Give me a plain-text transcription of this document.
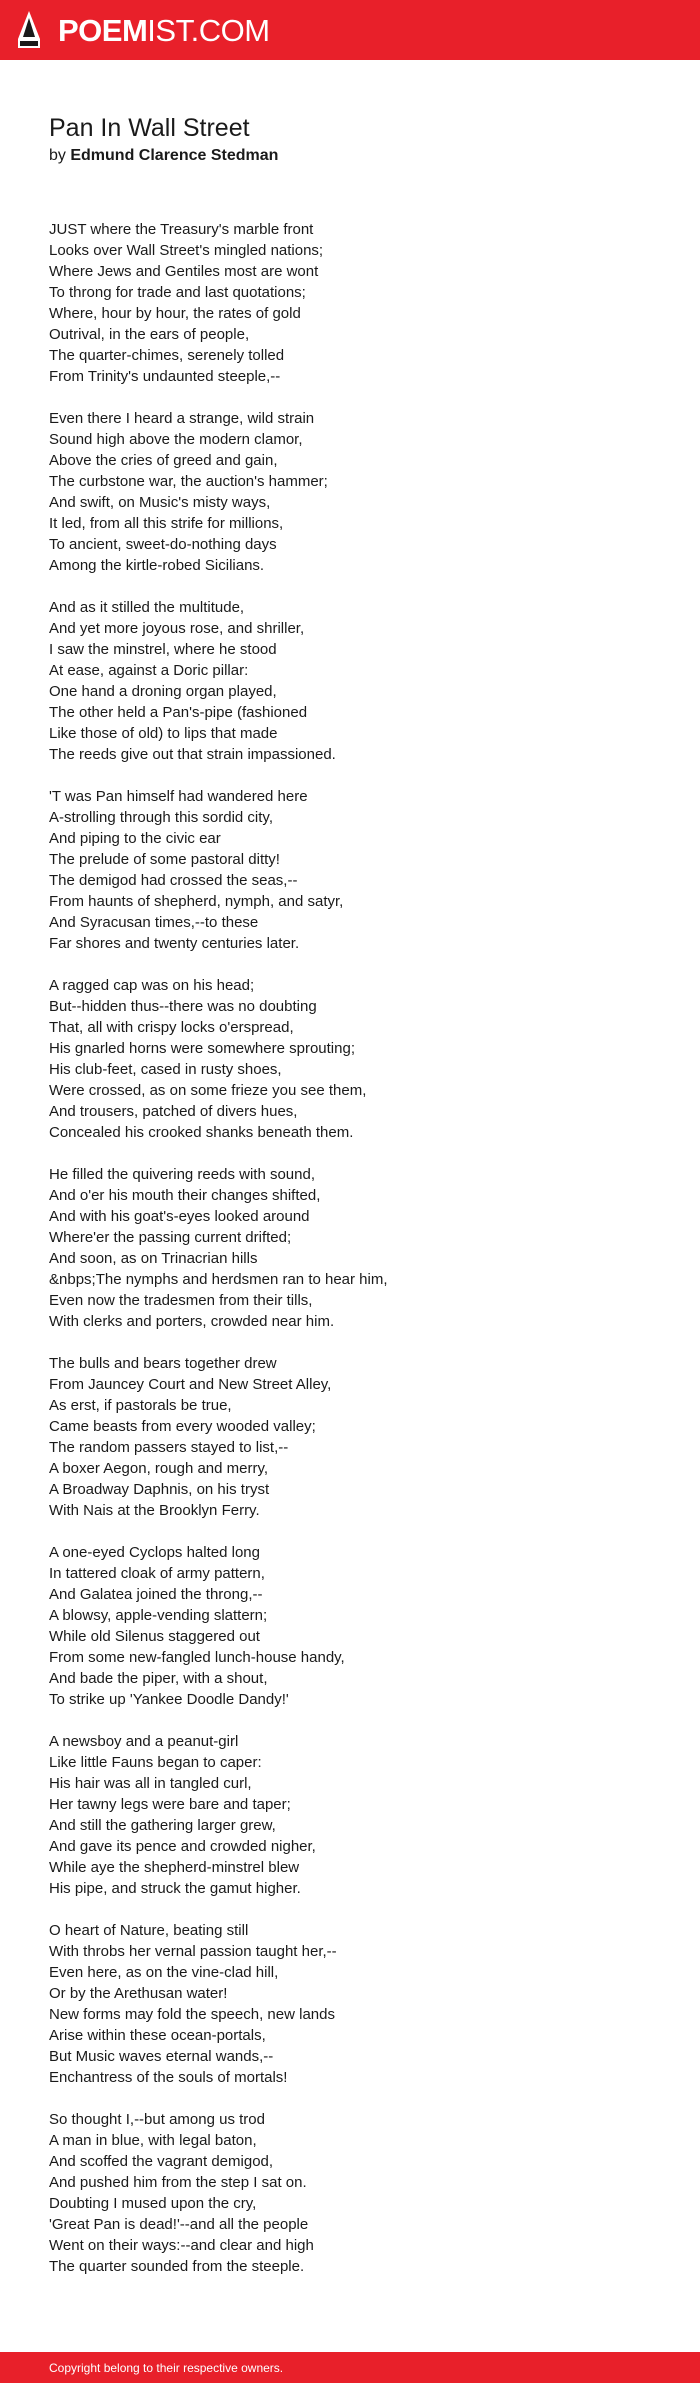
POEMIST.COM
Pan In Wall Street
by Edmund Clarence Stedman
JUST where the Treasury's marble front
Looks over Wall Street's mingled nations;
Where Jews and Gentiles most are wont
To throng for trade and last quotations;
Where, hour by hour, the rates of gold
Outrival, in the ears of people,
The quarter-chimes, serenely tolled
From Trinity's undaunted steeple,--
Even there I heard a strange, wild strain
Sound high above the modern clamor,
Above the cries of greed and gain,
The curbstone war, the auction's hammer;
And swift, on Music's misty ways,
It led, from all this strife for millions,
To ancient, sweet-do-nothing days
Among the kirtle-robed Sicilians.
And as it stilled the multitude,
And yet more joyous rose, and shriller,
I saw the minstrel, where he stood
At ease, against a Doric pillar:
One hand a droning organ played,
The other held a Pan's-pipe (fashioned
Like those of old) to lips that made
The reeds give out that strain impassioned.
'T was Pan himself had wandered here
A-strolling through this sordid city,
And piping to the civic ear
The prelude of some pastoral ditty!
The demigod had crossed the seas,--
From haunts of shepherd, nymph, and satyr,
And Syracusan times,--to these
Far shores and twenty centuries later.
A ragged cap was on his head;
But--hidden thus--there was no doubting
That, all with crispy locks o'erspread,
His gnarled horns were somewhere sprouting;
His club-feet, cased in rusty shoes,
Were crossed, as on some frieze you see them,
And trousers, patched of divers hues,
Concealed his crooked shanks beneath them.
He filled the quivering reeds with sound,
And o'er his mouth their changes shifted,
And with his goat's-eyes looked around
Where'er the passing current drifted;
And soon, as on Trinacrian hills
&nbps;The nymphs and herdsmen ran to hear him,
Even now the tradesmen from their tills,
With clerks and porters, crowded near him.
The bulls and bears together drew
From Jauncey Court and New Street Alley,
As erst, if pastorals be true,
Came beasts from every wooded valley;
The random passers stayed to list,--
A boxer Aegon, rough and merry,
A Broadway Daphnis, on his tryst
With Nais at the Brooklyn Ferry.
A one-eyed Cyclops halted long
In tattered cloak of army pattern,
And Galatea joined the throng,--
A blowsy, apple-vending slattern;
While old Silenus staggered out
From some new-fangled lunch-house handy,
And bade the piper, with a shout,
To strike up 'Yankee Doodle Dandy!'
A newsboy and a peanut-girl
Like little Fauns began to caper:
His hair was all in tangled curl,
Her tawny legs were bare and taper;
And still the gathering larger grew,
And gave its pence and crowded nigher,
While aye the shepherd-minstrel blew
His pipe, and struck the gamut higher.
O heart of Nature, beating still
With throbs her vernal passion taught her,--
Even here, as on the vine-clad hill,
Or by the Arethusan water!
New forms may fold the speech, new lands
Arise within these ocean-portals,
But Music waves eternal wands,--
Enchantress of the souls of mortals!
So thought I,--but among us trod
A man in blue, with legal baton,
And scoffed the vagrant demigod,
And pushed him from the step I sat on.
Doubting I mused upon the cry,
'Great Pan is dead!'--and all the people
Went on their ways:--and clear and high
The quarter sounded from the steeple.
Copyright belong to their respective owners.
